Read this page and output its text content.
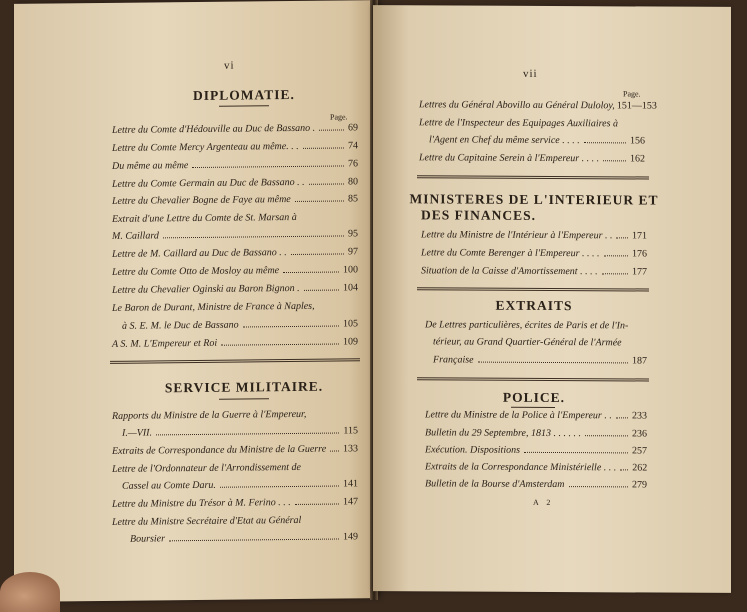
vi
DIPLOMATIE.
Page.
Lettre du Comte d'Hédouville au Duc de Bassano .	69
Lettre du Comte Mercy Argenteau au même. . .	74
Du même au même	76
Lettre du Comte Germain au Duc de Bassano . .	80
Lettre du Chevalier Bogne de Faye au même	85
Extrait d'une Lettre du Comte de St. Marsan à
M. Caillard	95
Lettre de M. Caillard au Duc de Bassano . .	97
Lettre du Comte Otto de Mosloy au même	100
Lettre du Chevalier Oginski au Baron Bignon .	104
Le Baron de Durant, Ministre de France à Naples,
à S. E. M. le Duc de Bassano	105
A S. M. L'Empereur et Roi	109
SERVICE MILITAIRE.
Rapports du Ministre de la Guerre à l'Empereur,
I.—VII.	115
Extraits de Correspondance du Ministre de la Guerre 133
Lettre de l'Ordonnateur de l'Arrondissement de
Cassel au Comte Daru.	141
Lettre du Ministre du Trésor à M. Ferino . . .	147
Lettre du Ministre Secrétaire d'Etat au Général
Boursier	149
vii
Page.
Lettres du Général Abovillo au Général Duloloy, 151—153
Lettre de l'Inspecteur des Equipages Auxiliaires à
l'Agent en Chef du même service . . . .	156
Lettre du Capitaine Serein à l'Empereur . . . .	162
MINISTERES DE L'INTERIEUR ET
DES FINANCES.
Lettre du Ministre de l'Intérieur à l'Empereur . . 171
Lettre du Comte Berenger à l'Empereur . . . .	176
Situation de la Caisse d'Amortissement . . . .	177
EXTRAITS
De Lettres particulières, écrites de Paris et de l'In-
térieur, au Grand Quartier-Général de l'Armée
Française	187
POLICE.
Lettre du Ministre de la Police à l'Empereur . . 233
Bulletin du 29 Septembre, 1813 . . . . . .	236
Exécution. Dispositions	257
Extraits de la Correspondance Ministérielle . . . 262
Bulletin de la Bourse d'Amsterdam	279
A 2
